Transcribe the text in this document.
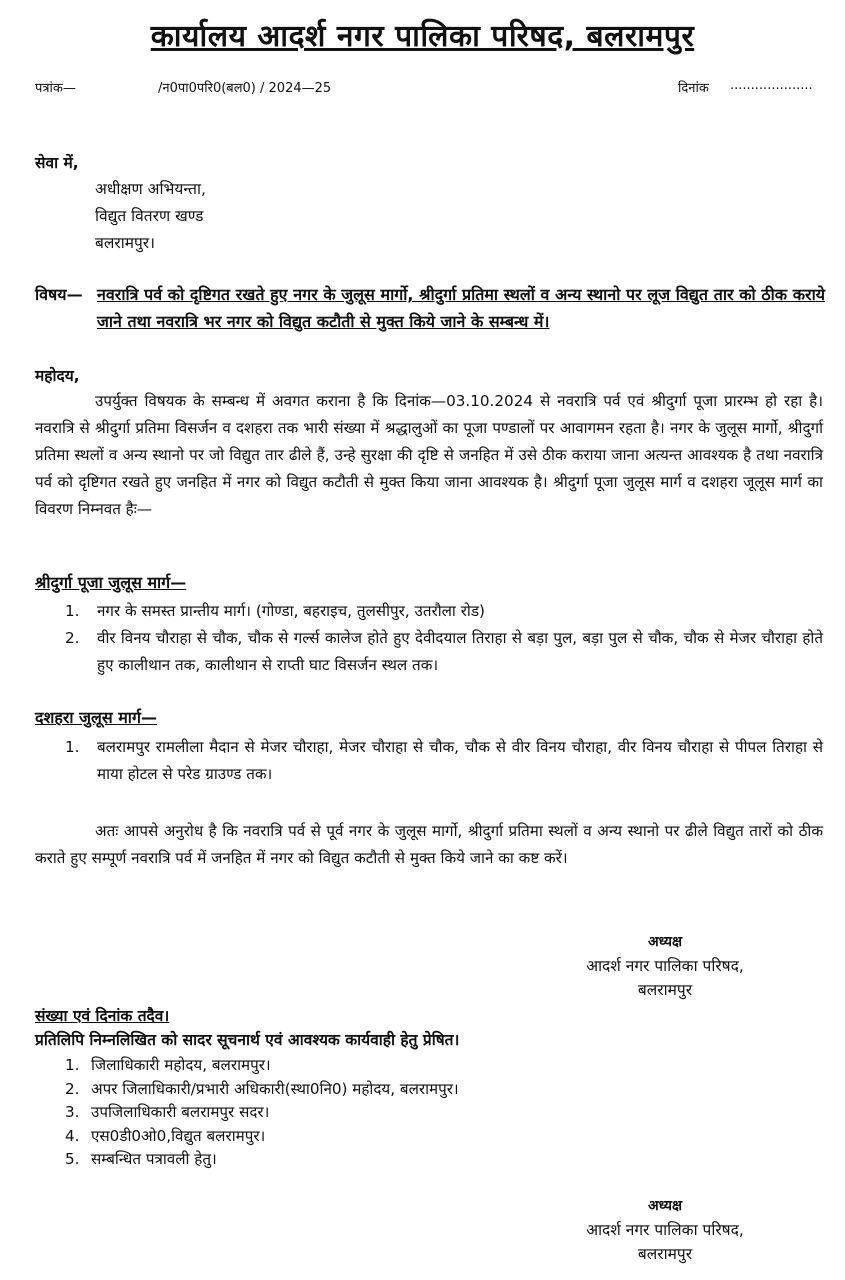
कार्यालय आदर्श नगर पालिका परिषद, बलरामपुर
पत्रांक—	/न0पा0परि0(बल0) / 2024—25	दिनांक ....................
सेवा में,
अधीक्षण अभियन्ता,
विद्युत वितरण खण्ड
बलरामपुर।
विषय— नवरात्रि पर्व को दृष्टिगत रखते हुए नगर के जुलूस मार्गो, श्रीदुर्गा प्रतिमा स्थलों व अन्य स्थानो पर लूज विद्युत तार को ठीक कराये जाने तथा नवरात्रि भर नगर को विद्युत कटौती से मुक्त किये जाने के सम्बन्ध में।
महोदय,
उपर्युक्त विषयक के सम्बन्ध में अवगत कराना है कि दिनांक—03.10.2024 से नवरात्रि पर्व एवं श्रीदुर्गा पूजा प्रारम्भ हो रहा है। नवरात्रि से श्रीदुर्गा प्रतिमा विसर्जन व दशहरा तक भारी संख्या में श्रद्धालुओं का पूजा पण्डालों पर आवागमन रहता है। नगर के जुलूस मार्गो, श्रीदुर्गा प्रतिमा स्थलों व अन्य स्थानो पर जो विद्युत तार ढीले हैं, उन्हे सुरक्षा की दृष्टि से जनहित में उसे ठीक कराया जाना अत्यन्त आवश्यक है तथा नवरात्रि पर्व को दृष्टिगत रखते हुए जनहित में नगर को विद्युत कटौती से मुक्त किया जाना आवश्यक है। श्रीदुर्गा पूजा जुलूस मार्ग व दशहरा जूलूस मार्ग का विवरण निम्नवत हैः—
श्रीदुर्गा पूजा जुलूस मार्ग—
1. नगर के समस्त प्रान्तीय मार्ग। (गोण्डा, बहराइच, तुलसीपुर, उतरौला रोड)
2. वीर विनय चौराहा से चौक, चौक से गर्ल्स कालेज होते हुए देवीदयाल तिराहा से बड़ा पुल, बड़ा पुल से चौक, चौक से मेजर चौराहा होते हुए कालीथान तक, कालीथान से राप्ती घाट विसर्जन स्थल तक।
दशहरा जुलूस मार्ग—
1. बलरामपुर रामलीला मैदान से मेजर चौराहा, मेजर चौराहा से चौक, चौक से वीर विनय चौराहा, वीर विनय चौराहा से पीपल तिराहा से माया होटल से परेड ग्राउण्ड तक।
अतः आपसे अनुरोध है कि नवरात्रि पर्व से पूर्व नगर के जुलूस मार्गो, श्रीदुर्गा प्रतिमा स्थलों व अन्य स्थानो पर ढीले विद्युत तारों को ठीक कराते हुए सम्पूर्ण नवरात्रि पर्व में जनहित में नगर को विद्युत कटौती से मुक्त किये जाने का कष्ट करें।
अध्यक्ष
आदर्श नगर पालिका परिषद,
बलरामपुर
संख्या एवं दिनांक तदैव।
प्रतिलिपि निम्नलिखित को सादर सूचनार्थ एवं आवश्यक कार्यवाही हेतु प्रेषित।
1. जिलाधिकारी महोदय, बलरामपुर।
2. अपर जिलाधिकारी/प्रभारी अधिकारी(स्था0नि0) महोदय, बलरामपुर।
3. उपजिलाधिकारी बलरामपुर सदर।
4. एस0डी0ओ0,विद्युत बलरामपुर।
5. सम्बन्धित पत्रावली हेतु।
अध्यक्ष
आदर्श नगर पालिका परिषद,
बलरामपुर
